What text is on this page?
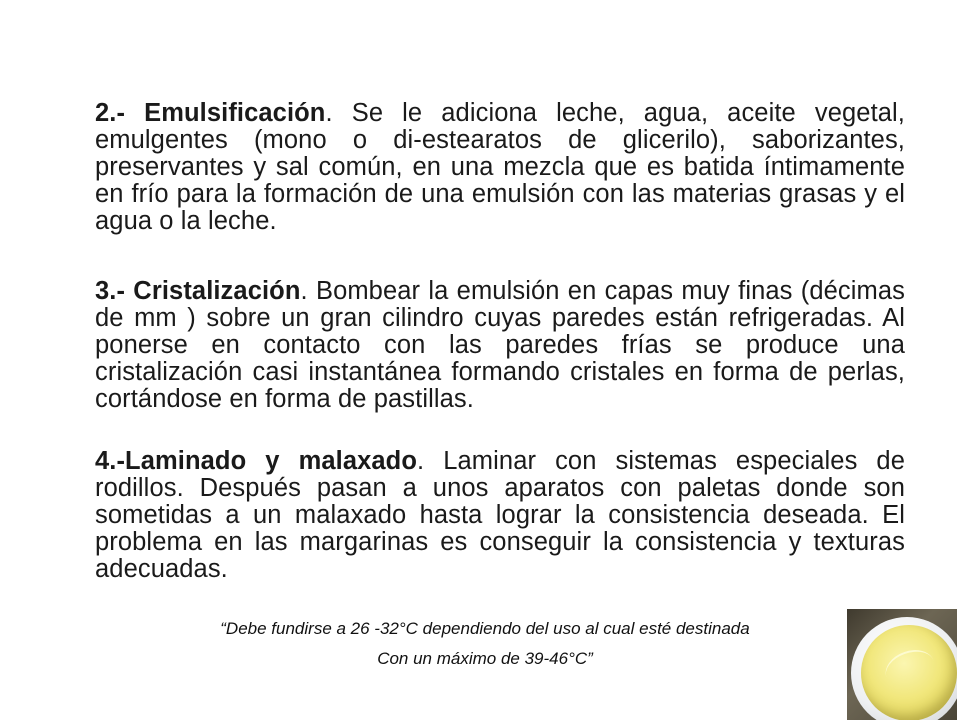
2.- Emulsificación. Se le adiciona leche, agua, aceite vegetal, emulgentes (mono o di-estearatos de glicerilo), saborizantes, preservantes y sal común, en una mezcla que es batida íntimamente en frío para la formación de una emulsión con las materias grasas y el agua o la leche.
3.- Cristalización. Bombear la emulsión en capas muy finas (décimas de mm ) sobre un gran cilindro cuyas paredes están refrigeradas. Al ponerse en contacto con las paredes frías se produce una cristalización casi instantánea formando cristales en forma de perlas, cortándose en forma de pastillas.
4.-Laminado y malaxado. Laminar con sistemas especiales de rodillos. Después pasan a unos aparatos con paletas donde son sometidas a un malaxado hasta lograr la consistencia deseada. El problema en las margarinas es conseguir la consistencia y texturas adecuadas.
“Debe fundirse a 26 -32°C dependiendo del uso al cual esté destinada
Con un máximo de 39-46°C”
